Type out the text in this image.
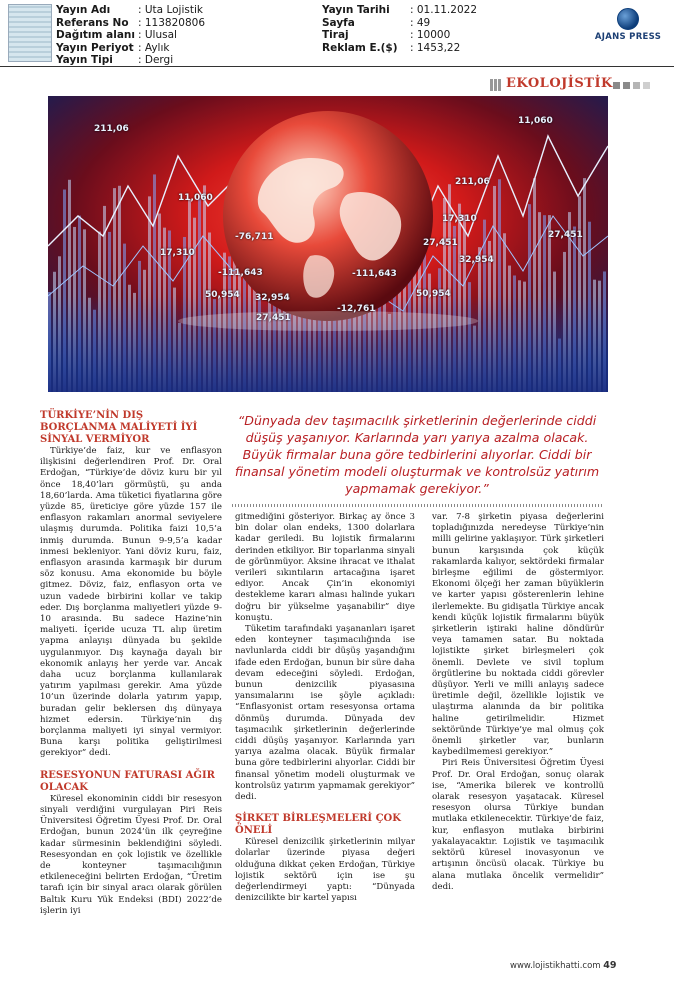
Yayın Adı	: Uta Lojistik
Referans No : 113820806
Dağıtım alanı : Ulusal
Yayın Periyot : Aylık
Yayın Tipi : Dergi
Yayın Tarihi : 01.11.2022
Sayfa	: 49
Tiraj	: 10000
Reklam E.($) : 1453,22
AJANS PRESS
EKOLOJİSTİK
211,06
11,060
-76,711
17,310
-111,643
50,954 32,954
27,451
11,060
211,06
17,310
27,451
32,954
-111,643
-12,761
50,954
27,451
“Dünyada dev taşımacılık şirketlerinin değerlerinde ciddi düşüş yaşanıyor. Karlarında yarı yarıya azalma olacak. Büyük firmalar buna göre tedbirlerini alıyorlar. Ciddi bir finansal yönetim modeli oluşturmak ve kontrolsüz yatırım yapmamak gerekiyor.”
TÜRKİYE’NİN DIŞ BORÇLANMA MALİYETİ İYİ SİNYAL VERMİYOR

Türkiye’de faiz, kur ve enflasyon ilişkisini değerlendiren Prof. Dr. Oral Erdoğan, “Türkiye’de döviz kuru bir yıl önce 18,40’ları görmüştü, şu anda 18,60’larda. Ama tüketici fiyatlarına göre yüzde 85, üreticiye göre yüzde 157 ile enflasyon rakamları anormal seviyelere ulaşmış durumda. Politika faizi 10,5’a inmiş durumda. Bunun 9-9,5’a kadar inmesi bekleniyor. Yani döviz kuru, faiz, enflasyon arasında karmaşık bir durum söz konusu. Ama ekonomide bu böyle gitmez. Döviz, faiz, enflasyon orta ve uzun vadede birbirini kollar ve takip eder. Dış borçlanma maliyetleri yüzde 9-10 arasında. Bu sadece Hazine’nin maliyeti. İçeride ucuza TL alıp üretim yapma anlayışı dünyada bu şekilde uygulanmıyor. Dış kaynağa dayalı bir ekonomik anlayış her yerde var. Ancak daha ucuz borçlanma kullanılarak yatırım yapılması gerekir. Ama yüzde 10’un üzerinde dolarla yatırım yapıp, buradan gelir beklersen dış dünyaya hizmet edersin. Türkiye’nin dış borçlanma maliyeti iyi sinyal vermiyor. Buna karşı politika geliştirilmesi gerekiyor” dedi.

RESESYONUN FATURASI AĞIR OLACAK

Küresel ekonominin ciddi bir resesyon sinyali verdiğini vurgulayan Piri Reis Üniversitesi Öğretim Üyesi Prof. Dr. Oral Erdoğan, bunun 2024’ün ilk çeyreğine kadar sürmesinin beklendiğini söyledi. Resesyondan en çok lojistik ve özellikle de konteyner taşımacılığının etkileneceğini belirten Erdoğan, “Üretim tarafı için bir sinyal aracı olarak görülen Baltık Kuru Yük Endeksi (BDI) 2022’de işlerin iyi

gitmediğini gösteriyor. Birkaç ay önce 3 bin dolar olan endeks, 1300 dolarlara kadar geriledi. Bu lojistik firmalarını derinden etkiliyor. Bir toparlanma sinyali de görünmüyor. Aksine ihracat ve ithalat verileri sıkıntıların artacağına işaret ediyor. Ancak Çin’in ekonomiyi destekleme kararı alması halinde yukarı doğru bir yükselme yaşanabilir” diye konuştu.

Tüketim tarafındaki yaşananları işaret eden konteyner taşımacılığında ise navlunlarda ciddi bir düşüş yaşandığını ifade eden Erdoğan, bunun bir süre daha devam edeceğini söyledi. Erdoğan, bunun denizcilik piyasasına yansımalarını ise şöyle açıkladı: “Enflasyonist ortam resesyonsa ortama dönmüş durumda. Dünyada dev taşımacılık şirketlerinin değerlerinde ciddi düşüş yaşanıyor. Karlarında yarı yarıya azalma olacak. Büyük firmalar buna göre tedbirlerini alıyorlar. Ciddi bir finansal yönetim modeli oluşturmak ve kontrolsüz yatırım yapmamak gerekiyor” dedi.

ŞİRKET BİRLEŞMELERİ ÇOK ÖNELİ

Küresel denizcilik şirketlerinin milyar dolarlar üzerinde piyasa değeri olduğuna dikkat çeken Erdoğan, Türkiye lojistik sektörü için ise şu değerlendirmeyi yaptı: “Dünyada denizcilikte bir kartel yapısı

var. 7-8 şirketin piyasa değerlerini topladığınızda neredeyse Türkiye’nin milli gelirine yaklaşıyor. Türk şirketleri bunun karşısında çok küçük rakamlarda kalıyor, sektördeki firmalar birleşme eğilimi de göstermiyor. Ekonomi ölçeği her zaman büyüklerin ve karter yapısı gösterenlerin lehine ilerlemekte. Bu gidişatla Türkiye ancak kendi küçük lojistik firmalarını büyük şirketlerin iştiraki haline döndürür veya tamamen satar. Bu noktada lojistikte şirket birleşmeleri çok önemli. Devlete ve sivil toplum örgütlerine bu noktada ciddi görevler düşüyor. Yerli ve milli anlayış sadece üretimle değil, özellikle lojistik ve ulaştırma alanında da bir politika haline getirilmelidir. Hizmet sektöründe Türkiye’ye mal olmuş çok önemli şirketler var, bunların kaybedilmemesi gerekiyor.”

Piri Reis Üniversitesi Öğretim Üyesi Prof. Dr. Oral Erdoğan, sonuç olarak ise, “Amerika bilerek ve kontrollü olarak resesyon yaşatacak. Küresel resesyon olursa Türkiye bundan mutlaka etkilenecektir. Türkiye’de faiz, kur, enflasyon mutlaka birbirini yakalayacaktır. Lojistik ve taşımacılık sektörü küresel inovasyonun ve artışının öncüsü olacak. Türkiye bu alana mutlaka öncelik vermelidir” dedi.

www.lojistikhatti.com 49
